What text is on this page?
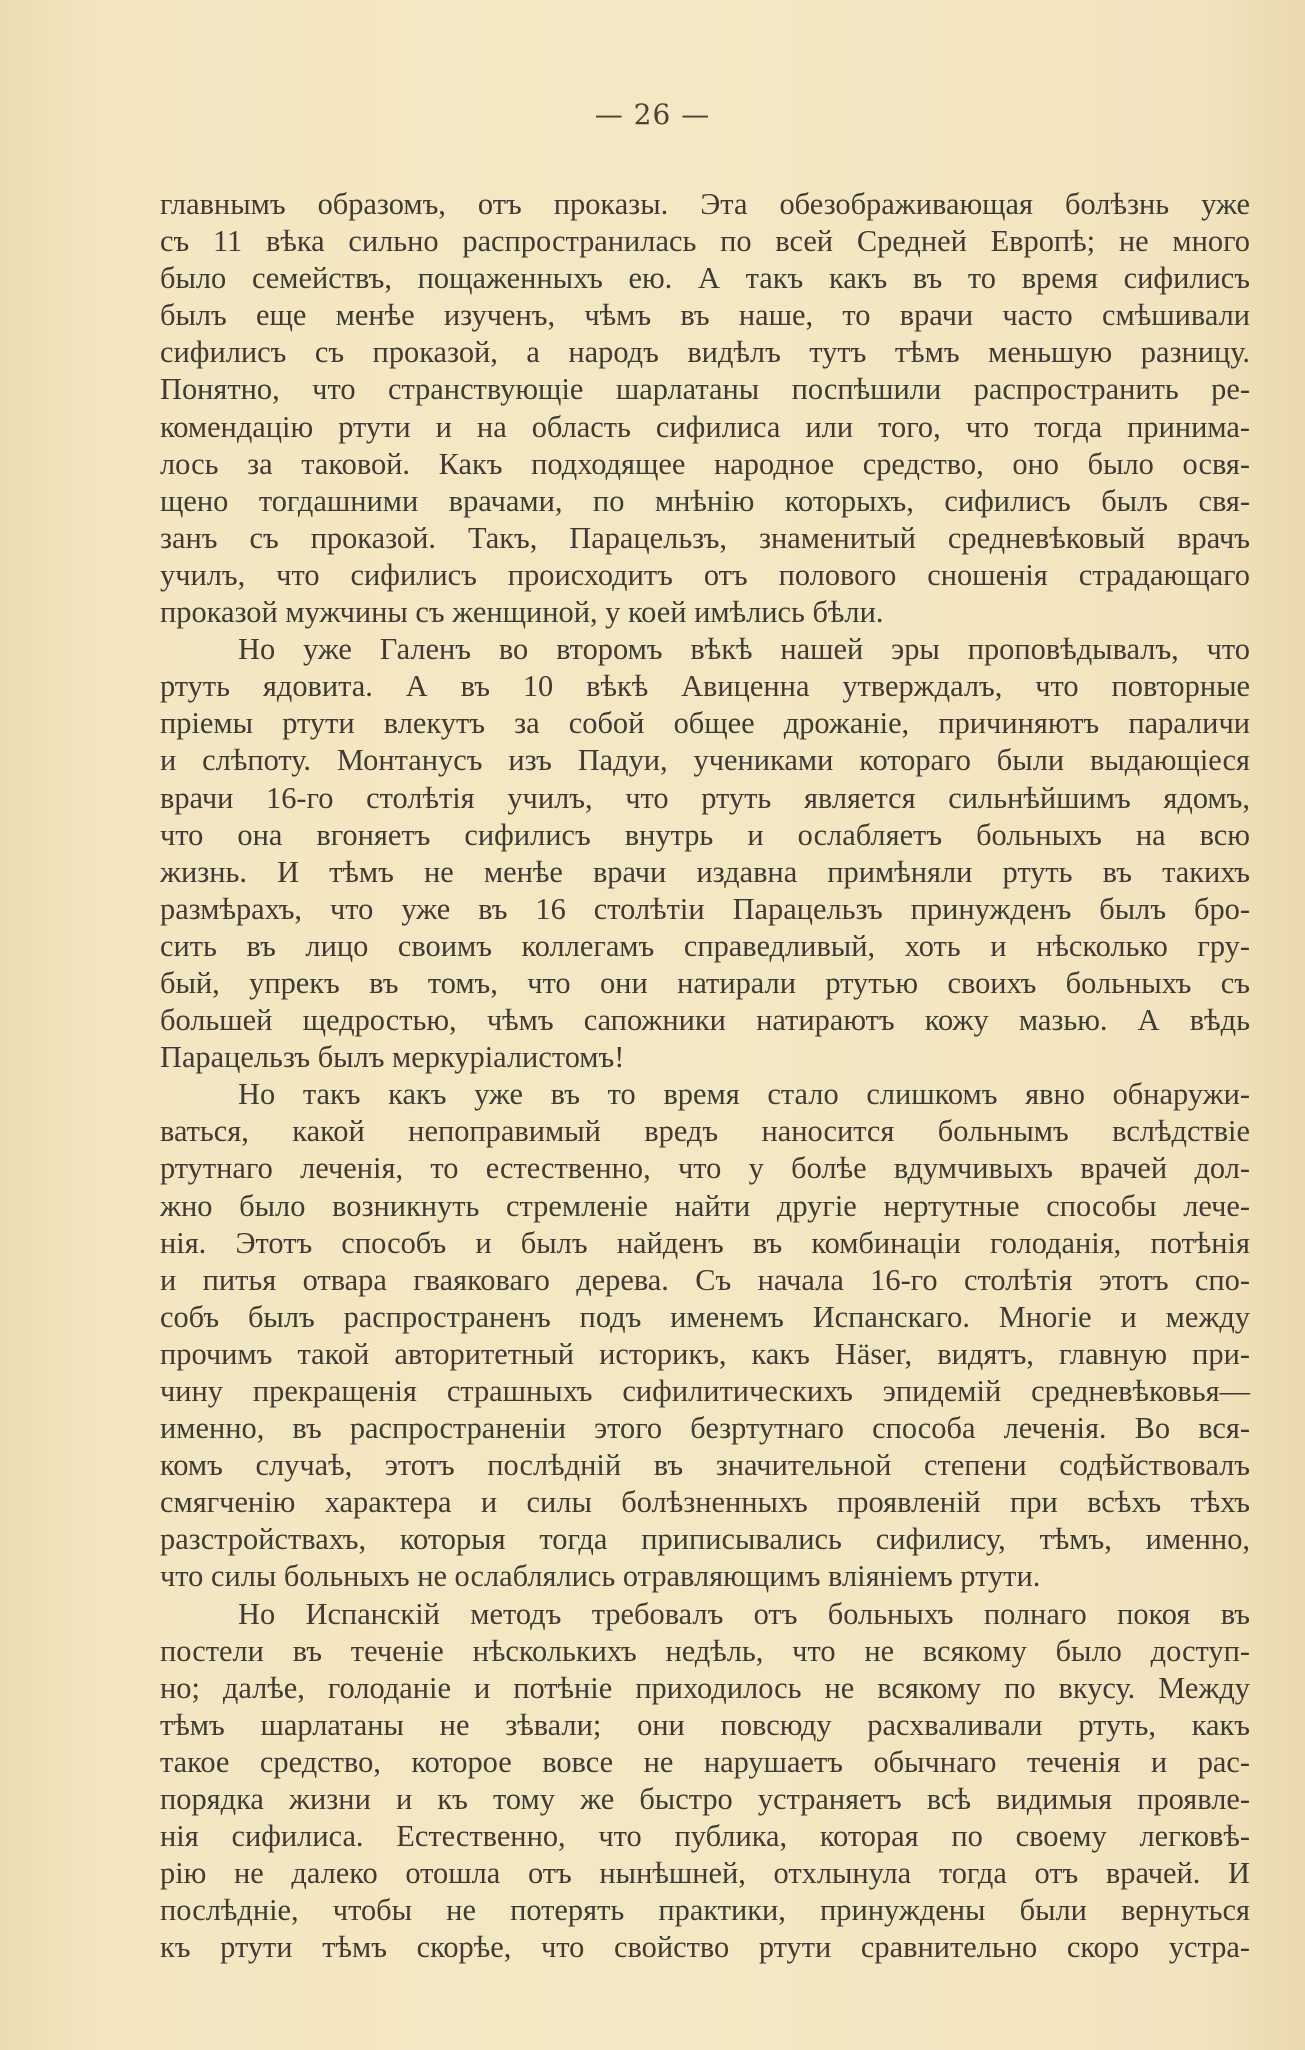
— 26 —
главнымъ образомъ, отъ проказы. Эта обезображивающая болѣзнь уже
съ 11 вѣка сильно распространилась по всей Средней Европѣ; не много
было семействъ, пощаженныхъ ею. А такъ какъ въ то время сифилисъ
былъ еще менѣе изученъ, чѣмъ въ наше, то врачи часто смѣшивали
сифилисъ съ проказой, а народъ видѣлъ тутъ тѣмъ меньшую разницу.
Понятно, что странствующіе шарлатаны поспѣшили распространить ре-
комендацію ртути и на область сифилиса или того, что тогда принима-
лось за таковой. Какъ подходящее народное средство, оно было освя-
щено тогдашними врачами, по мнѣнію которыхъ, сифилисъ былъ свя-
занъ съ проказой. Такъ, Парацельзъ, знаменитый средневѣковый врачъ
училъ, что сифилисъ происходитъ отъ полового сношенія страдающаго
проказой мужчины съ женщиной, у коей имѣлись бѣли.
Но уже Галенъ во второмъ вѣкѣ нашей эры проповѣдывалъ, что
ртуть ядовита. А въ 10 вѣкѣ Авиценна утверждалъ, что повторные
пріемы ртути влекутъ за собой общее дрожаніе, причиняютъ параличи
и слѣпоту. Монтанусъ изъ Падуи, учениками котораго были выдающіеся
врачи 16-го столѣтія училъ, что ртуть является сильнѣйшимъ ядомъ,
что она вгоняетъ сифилисъ внутрь и ослабляетъ больныхъ на всю
жизнь. И тѣмъ не менѣе врачи издавна примѣняли ртуть въ такихъ
размѣрахъ, что уже въ 16 столѣтіи Парацельзъ принужденъ былъ бро-
сить въ лицо своимъ коллегамъ справедливый, хоть и нѣсколько гру-
бый, упрекъ въ томъ, что они натирали ртутью своихъ больныхъ съ
большей щедростью, чѣмъ сапожники натираютъ кожу мазью. А вѣдь
Парацельзъ былъ меркуріалистомъ!
Но такъ какъ уже въ то время стало слишкомъ явно обнаружи-
ваться, какой непоправимый вредъ наносится больнымъ вслѣдствіе
ртутнаго леченія, то естественно, что у болѣе вдумчивыхъ врачей дол-
жно было возникнуть стремленіе найти другіе нертутные способы лече-
нія. Этотъ способъ и былъ найденъ въ комбинаціи голоданія, потѣнія
и питья отвара гваяковаго дерева. Съ начала 16-го столѣтія этотъ спо-
собъ былъ распространенъ подъ именемъ Испанскаго. Многіе и между
прочимъ такой авторитетный историкъ, какъ Häser, видятъ, главную при-
чину прекращенія страшныхъ сифилитическихъ эпидемій средневѣковья—
именно, въ распространеніи этого безртутнаго способа леченія. Во вся-
комъ случаѣ, этотъ послѣдній въ значительной степени содѣйствовалъ
смягченію характера и силы болѣзненныхъ проявленій при всѣхъ тѣхъ
разстройствахъ, которыя тогда приписывались сифилису, тѣмъ, именно,
что силы больныхъ не ослаблялись отравляющимъ вліяніемъ ртути.
Но Испанскій методъ требовалъ отъ больныхъ полнаго покоя въ
постели въ теченіе нѣсколькихъ недѣль, что не всякому было доступ-
но; далѣе, голоданіе и потѣніе приходилось не всякому по вкусу. Между
тѣмъ шарлатаны не зѣвали; они повсюду расхваливали ртуть, какъ
такое средство, которое вовсе не нарушаетъ обычнаго теченія и рас-
порядка жизни и къ тому же быстро устраняетъ всѣ видимыя проявле-
нія сифилиса. Естественно, что публика, которая по своему легковѣ-
рію не далеко отошла отъ нынѣшней, отхлынула тогда отъ врачей. И
послѣдніе, чтобы не потерять практики, принуждены были вернуться
къ ртути тѣмъ скорѣе, что свойство ртути сравнительно скоро устра-
